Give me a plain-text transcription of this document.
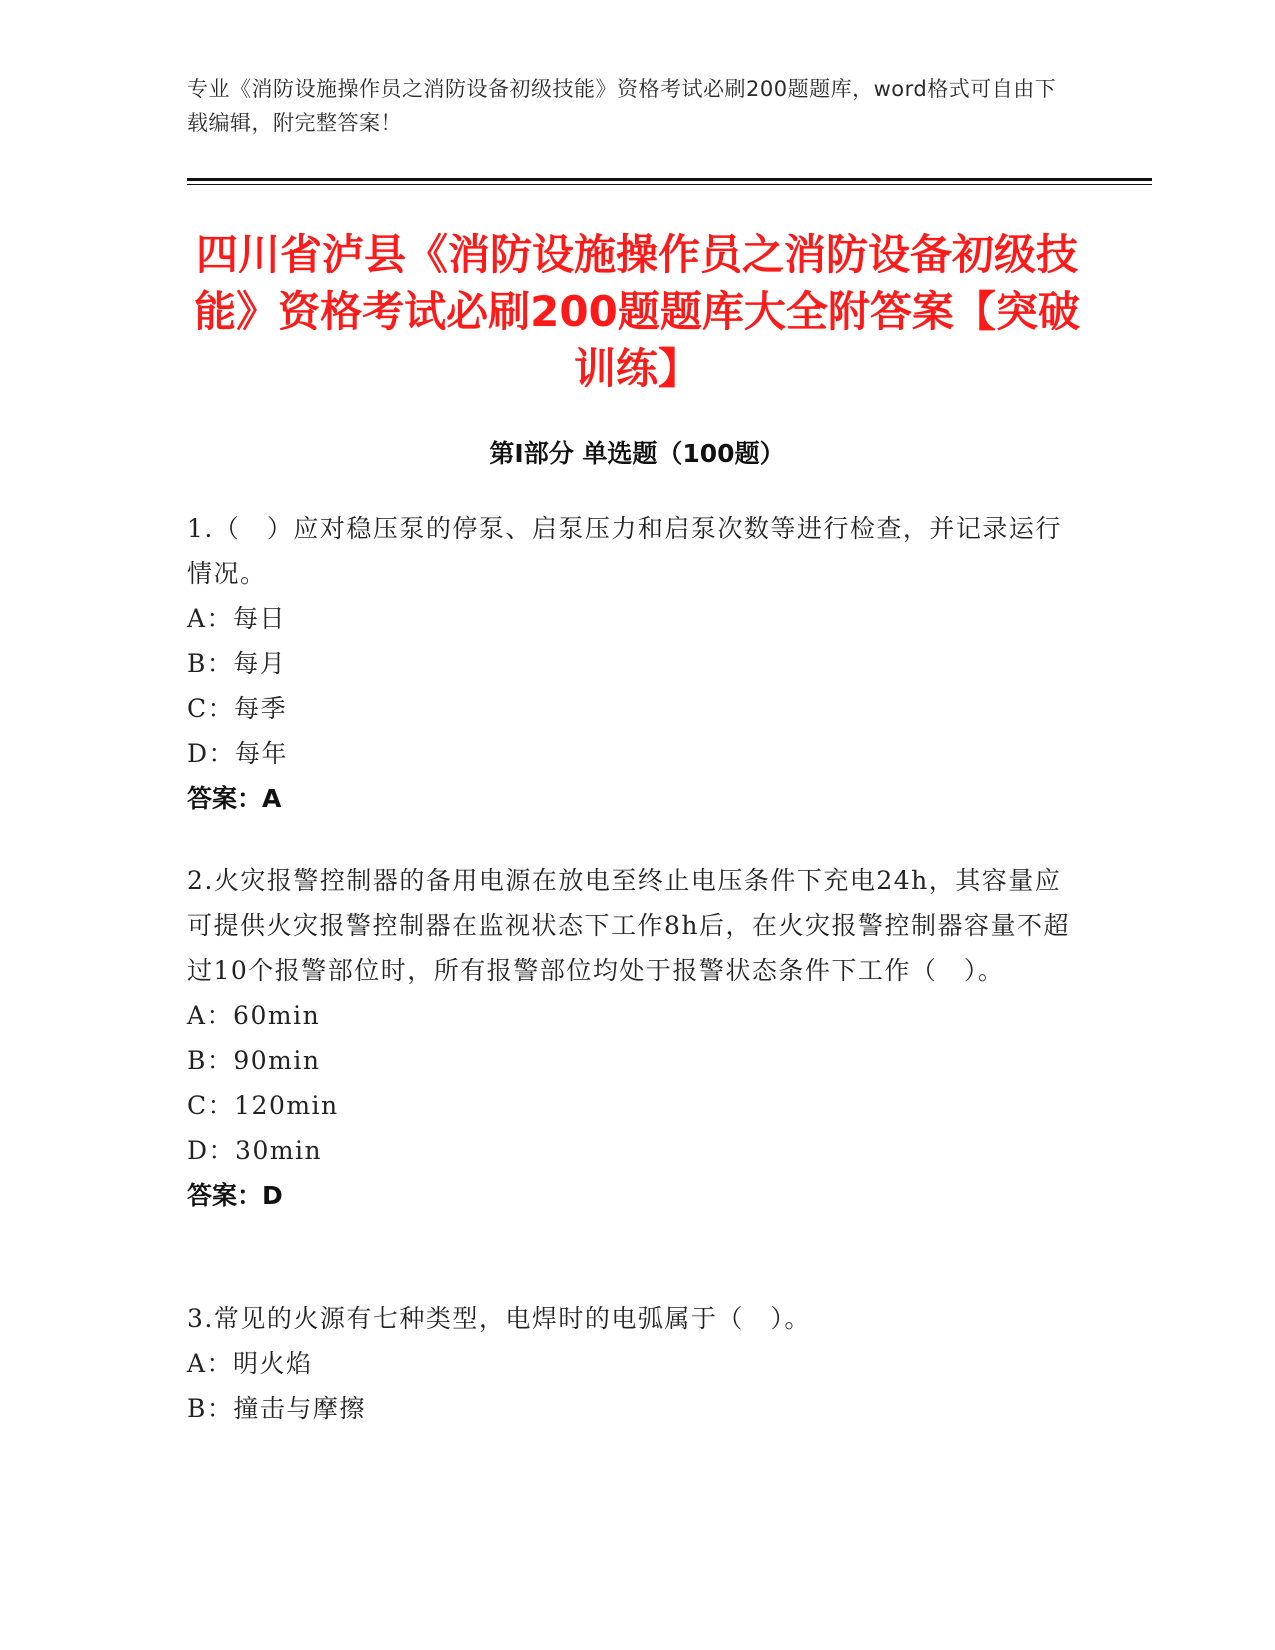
专业《消防设施操作员之消防设备初级技能》资格考试必刷200题题库，word格式可自由下载编辑，附完整答案！
四川省泸县《消防设施操作员之消防设备初级技能》资格考试必刷200题题库大全附答案【突破训练】
第Ⅰ部分 单选题（100题）
1.（　）应对稳压泵的停泵、启泵压力和启泵次数等进行检查，并记录运行情况。
A：每日
B：每月
C：每季
D：每年
答案：A
2.火灾报警控制器的备用电源在放电至终止电压条件下充电24h，其容量应可提供火灾报警控制器在监视状态下工作8h后，在火灾报警控制器容量不超过10个报警部位时，所有报警部位均处于报警状态条件下工作（　）。
A：60min
B：90min
C：120min
D：30min
答案：D
3.常见的火源有七种类型，电焊时的电弧属于（　）。
A：明火焰
B：撞击与摩擦
